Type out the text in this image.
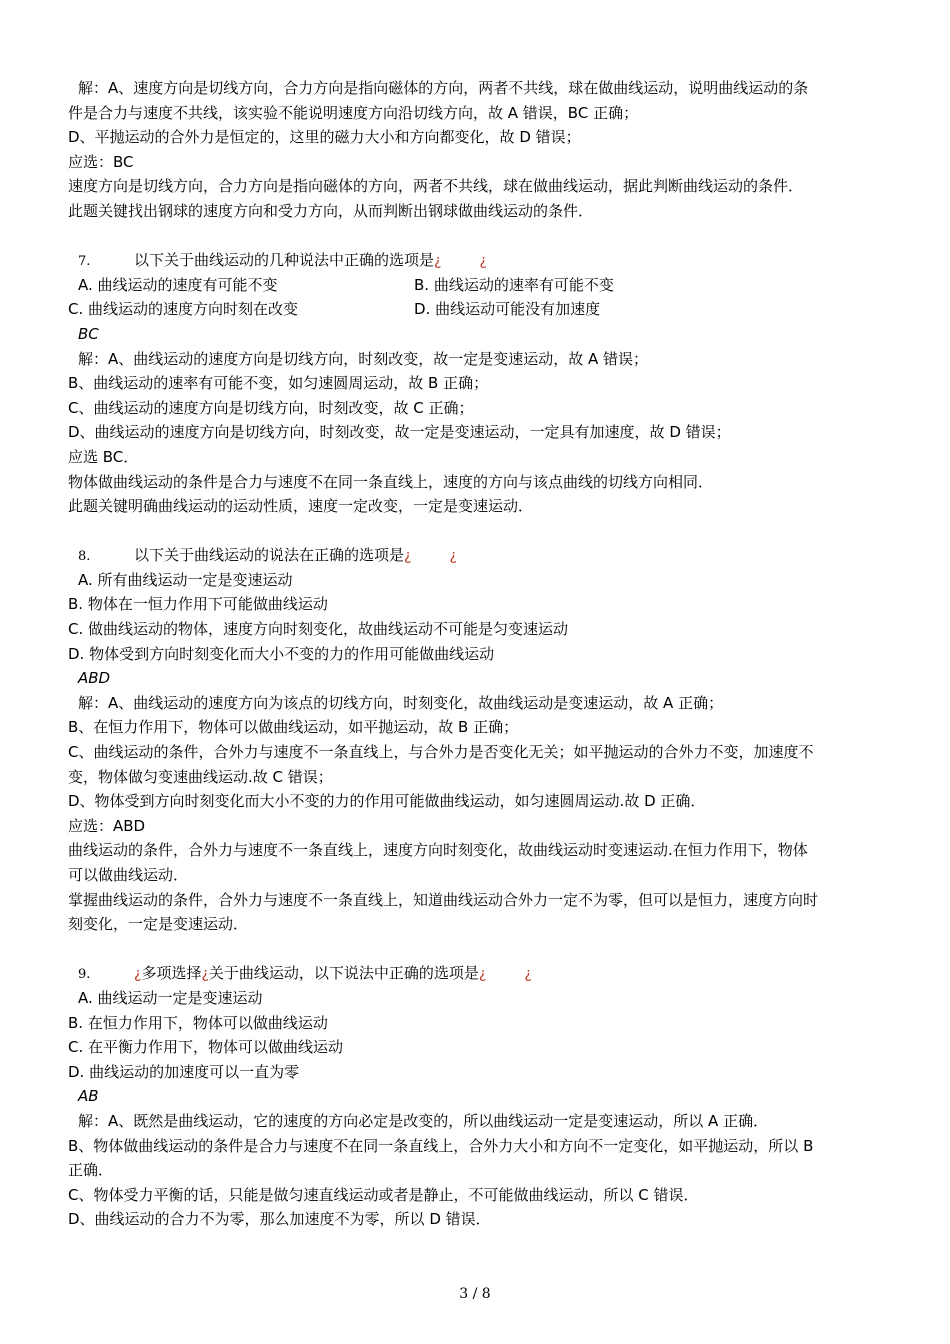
解：A、速度方向是切线方向，合力方向是指向磁体的方向，两者不共线，球在做曲线运动，说明曲线运动的条
件是合力与速度不共线，该实验不能说明速度方向沿切线方向，故 A 错误，BC 正确；
D、平抛运动的合外力是恒定的，这里的磁力大小和方向都变化，故 D 错误；
应选：BC
速度方向是切线方向，合力方向是指向磁体的方向，两者不共线，球在做曲线运动，据此判断曲线运动的条件．
此题关键找出钢球的速度方向和受力方向，从而判断出钢球做曲线运动的条件．
7.	以下关于曲线运动的几种说法中正确的选项是¿	¿
A. 曲线运动的速度有可能不变	B. 曲线运动的速率有可能不变
C. 曲线运动的速度方向时刻在改变	D. 曲线运动可能没有加速度
BC
解：A、曲线运动的速度方向是切线方向，时刻改变，故一定是变速运动，故 A 错误；
B、曲线运动的速率有可能不变，如匀速圆周运动，故 B 正确；
C、曲线运动的速度方向是切线方向，时刻改变，故 C 正确；
D、曲线运动的速度方向是切线方向，时刻改变，故一定是变速运动，一定具有加速度，故 D 错误；
应选 BC．
物体做曲线运动的条件是合力与速度不在同一条直线上，速度的方向与该点曲线的切线方向相同．
此题关键明确曲线运动的运动性质，速度一定改变，一定是变速运动．
8.	以下关于曲线运动的说法在正确的选项是¿	¿
A. 所有曲线运动一定是变速运动
B. 物体在一恒力作用下可能做曲线运动
C. 做曲线运动的物体，速度方向时刻变化，故曲线运动不可能是匀变速运动
D. 物体受到方向时刻变化而大小不变的力的作用可能做曲线运动
ABD
解：A、曲线运动的速度方向为该点的切线方向，时刻变化，故曲线运动是变速运动，故 A 正确；
B、在恒力作用下，物体可以做曲线运动，如平抛运动，故 B 正确；
C、曲线运动的条件，合外力与速度不一条直线上，与合外力是否变化无关；如平抛运动的合外力不变，加速度不
变，物体做匀变速曲线运动.故 C 错误；
D、物体受到方向时刻变化而大小不变的力的作用可能做曲线运动，如匀速圆周运动.故 D 正确．
应选：ABD
曲线运动的条件，合外力与速度不一条直线上，速度方向时刻变化，故曲线运动时变速运动.在恒力作用下，物体
可以做曲线运动．
掌握曲线运动的条件，合外力与速度不一条直线上，知道曲线运动合外力一定不为零，但可以是恒力，速度方向时
刻变化，一定是变速运动．
9.	¿多项选择¿关于曲线运动，以下说法中正确的选项是¿	¿
A. 曲线运动一定是变速运动
B. 在恒力作用下，物体可以做曲线运动
C. 在平衡力作用下，物体可以做曲线运动
D. 曲线运动的加速度可以一直为零
AB
解：A、既然是曲线运动，它的速度的方向必定是改变的，所以曲线运动一定是变速运动，所以 A 正确．
B、物体做曲线运动的条件是合力与速度不在同一条直线上，合外力大小和方向不一定变化，如平抛运动，所以 B
正确．
C、物体受力平衡的话，只能是做匀速直线运动或者是静止，不可能做曲线运动，所以 C 错误．
D、曲线运动的合力不为零，那么加速度不为零，所以 D 错误．
3 / 8
